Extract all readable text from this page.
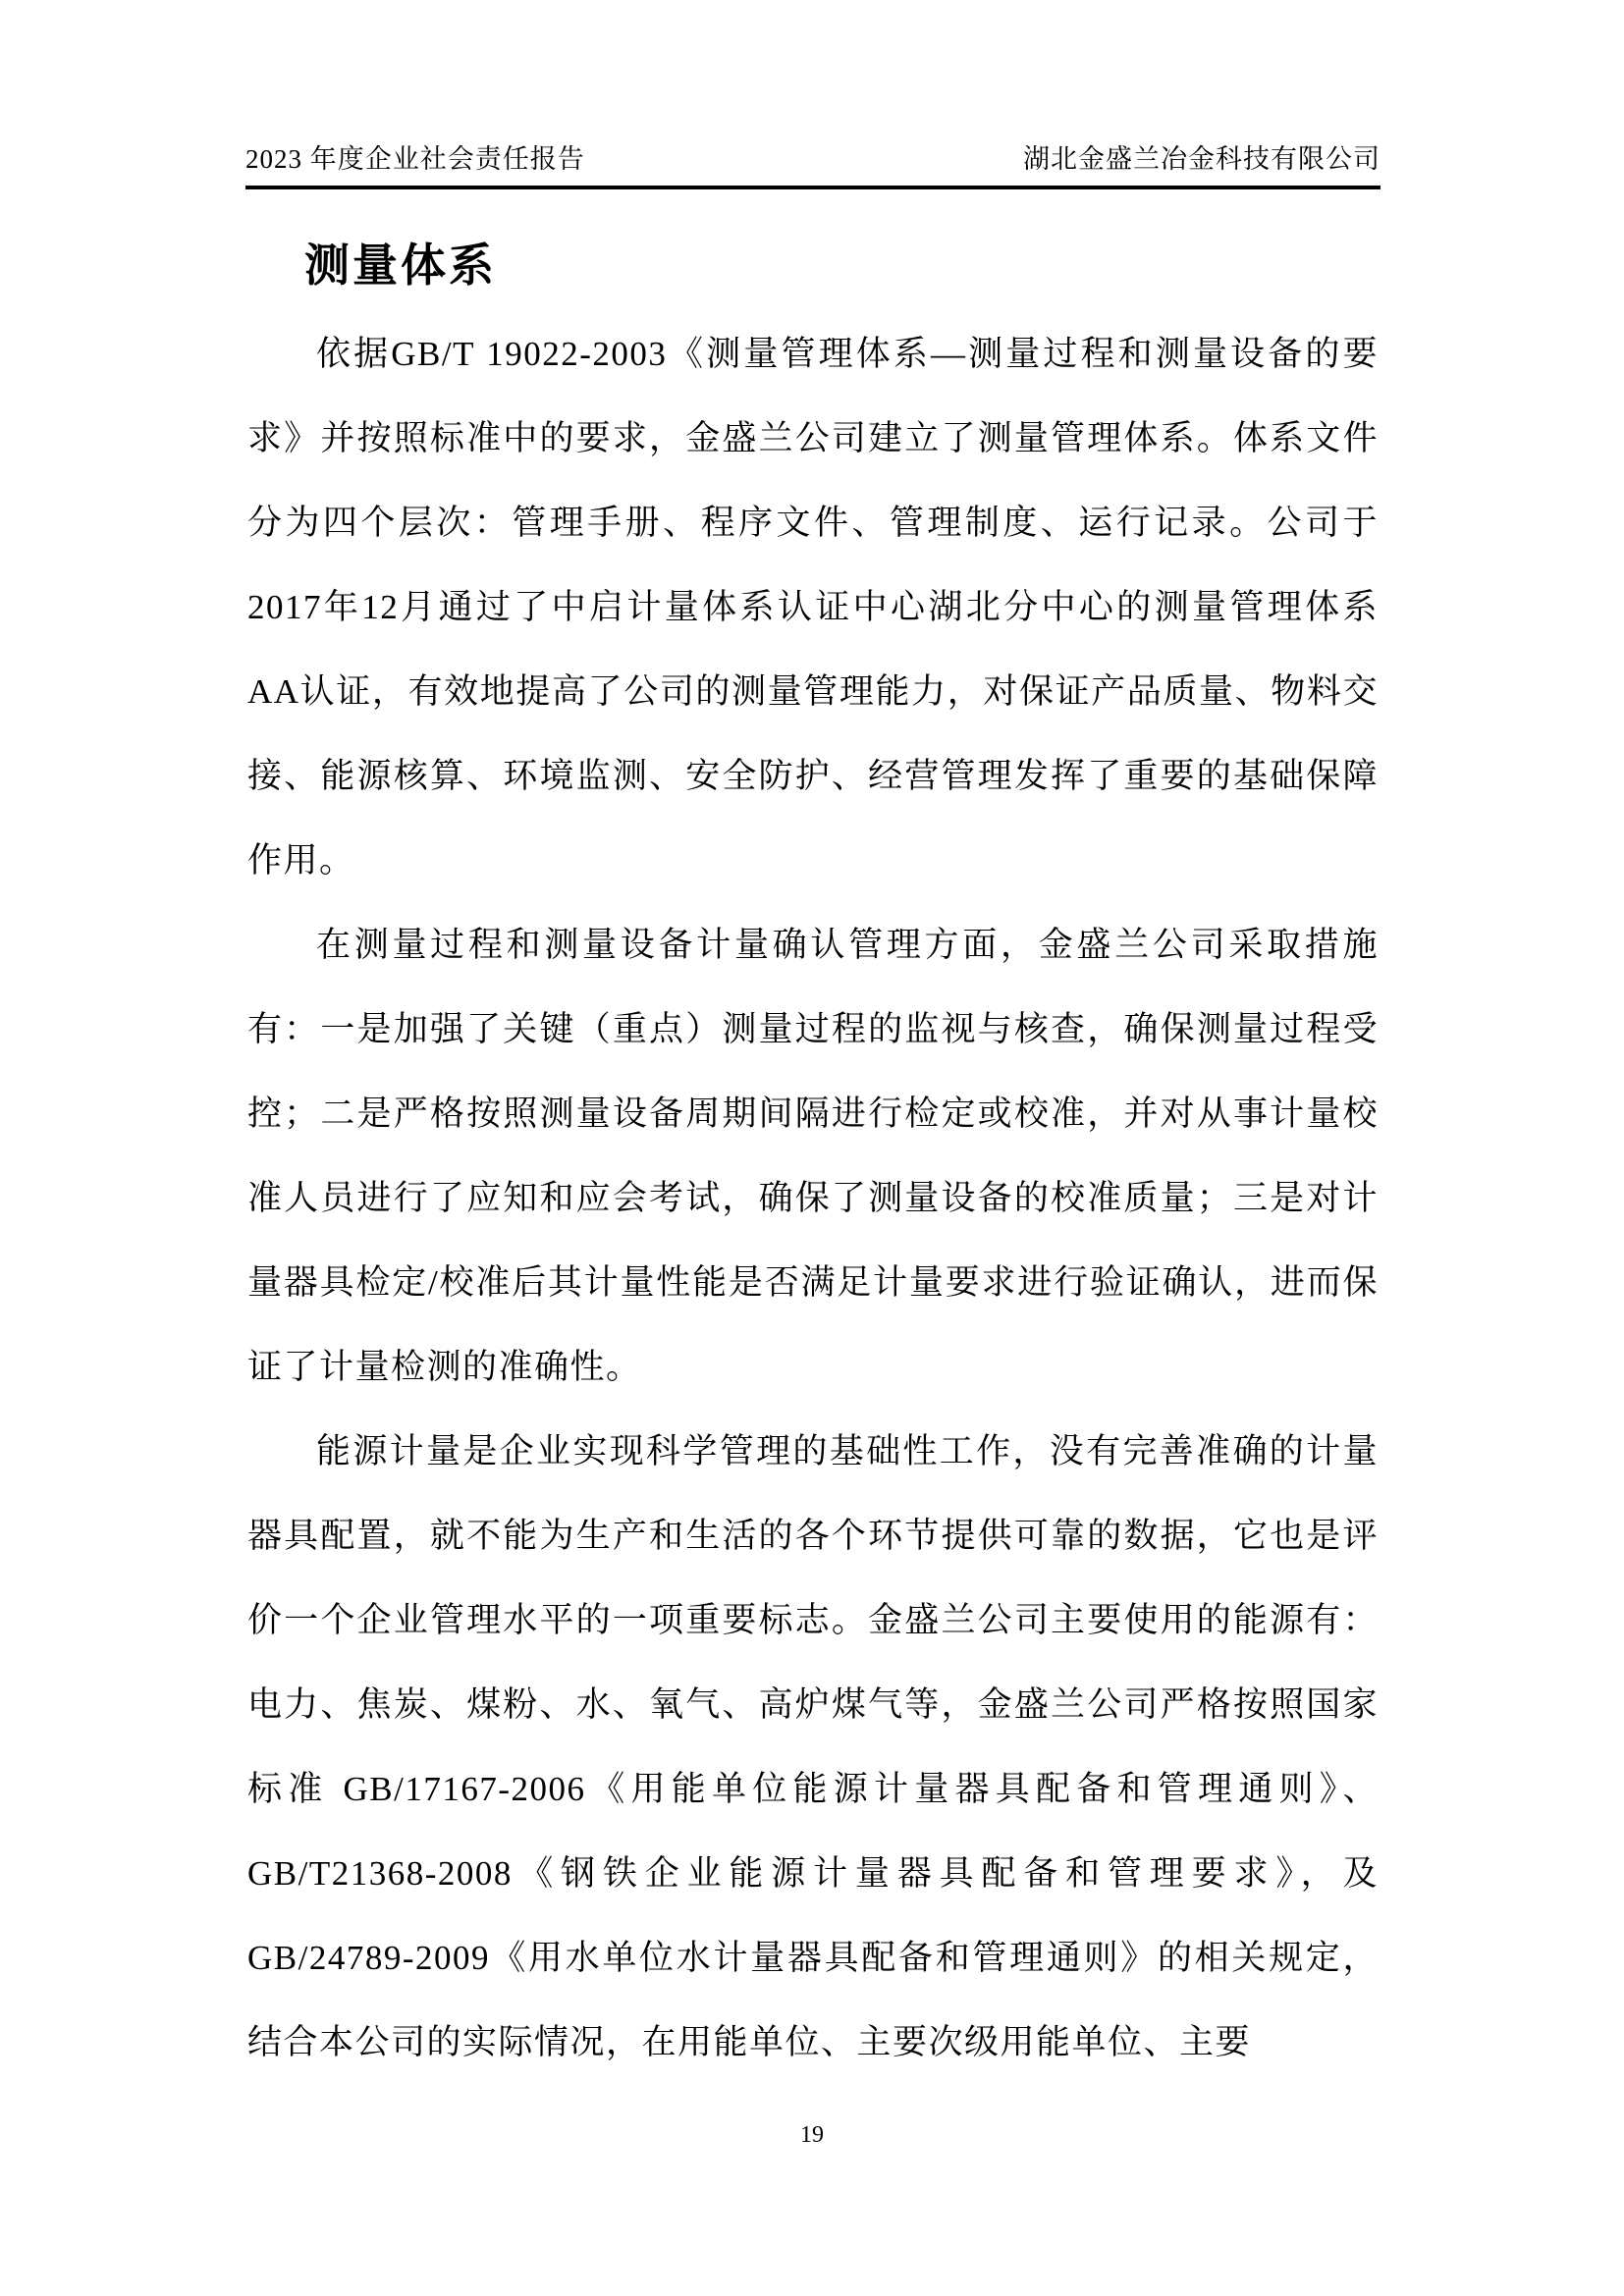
2023 年度企业社会责任报告	湖北金盛兰冶金科技有限公司
测量体系

依据GB/T 19022-2003《测量管理体系—测量过程和测量设备的要求》并按照标准中的要求，金盛兰公司建立了测量管理体系。体系文件分为四个层次：管理手册、程序文件、管理制度、运行记录。公司于2017年12月通过了中启计量体系认证中心湖北分中心的测量管理体系AA认证，有效地提高了公司的测量管理能力，对保证产品质量、物料交接、能源核算、环境监测、安全防护、经营管理发挥了重要的基础保障作用。

在测量过程和测量设备计量确认管理方面，金盛兰公司采取措施有：一是加强了关键（重点）测量过程的监视与核查，确保测量过程受控；二是严格按照测量设备周期间隔进行检定或校准，并对从事计量校准人员进行了应知和应会考试，确保了测量设备的校准质量；三是对计量器具检定/校准后其计量性能是否满足计量要求进行验证确认，进而保证了计量检测的准确性。

能源计量是企业实现科学管理的基础性工作，没有完善准确的计量器具配置，就不能为生产和生活的各个环节提供可靠的数据，它也是评价一个企业管理水平的一项重要标志。金盛兰公司主要使用的能源有：电力、焦炭、煤粉、水、氧气、高炉煤气等，金盛兰公司严格按照国家标准 GB/17167-2006《用能单位能源计量器具配备和管理通则》、GB/T21368-2008《钢铁企业能源计量器具配备和管理要求》，及 GB/24789-2009《用水单位水计量器具配备和管理通则》的相关规定，结合本公司的实际情况，在用能单位、主要次级用能单位、主要

19
